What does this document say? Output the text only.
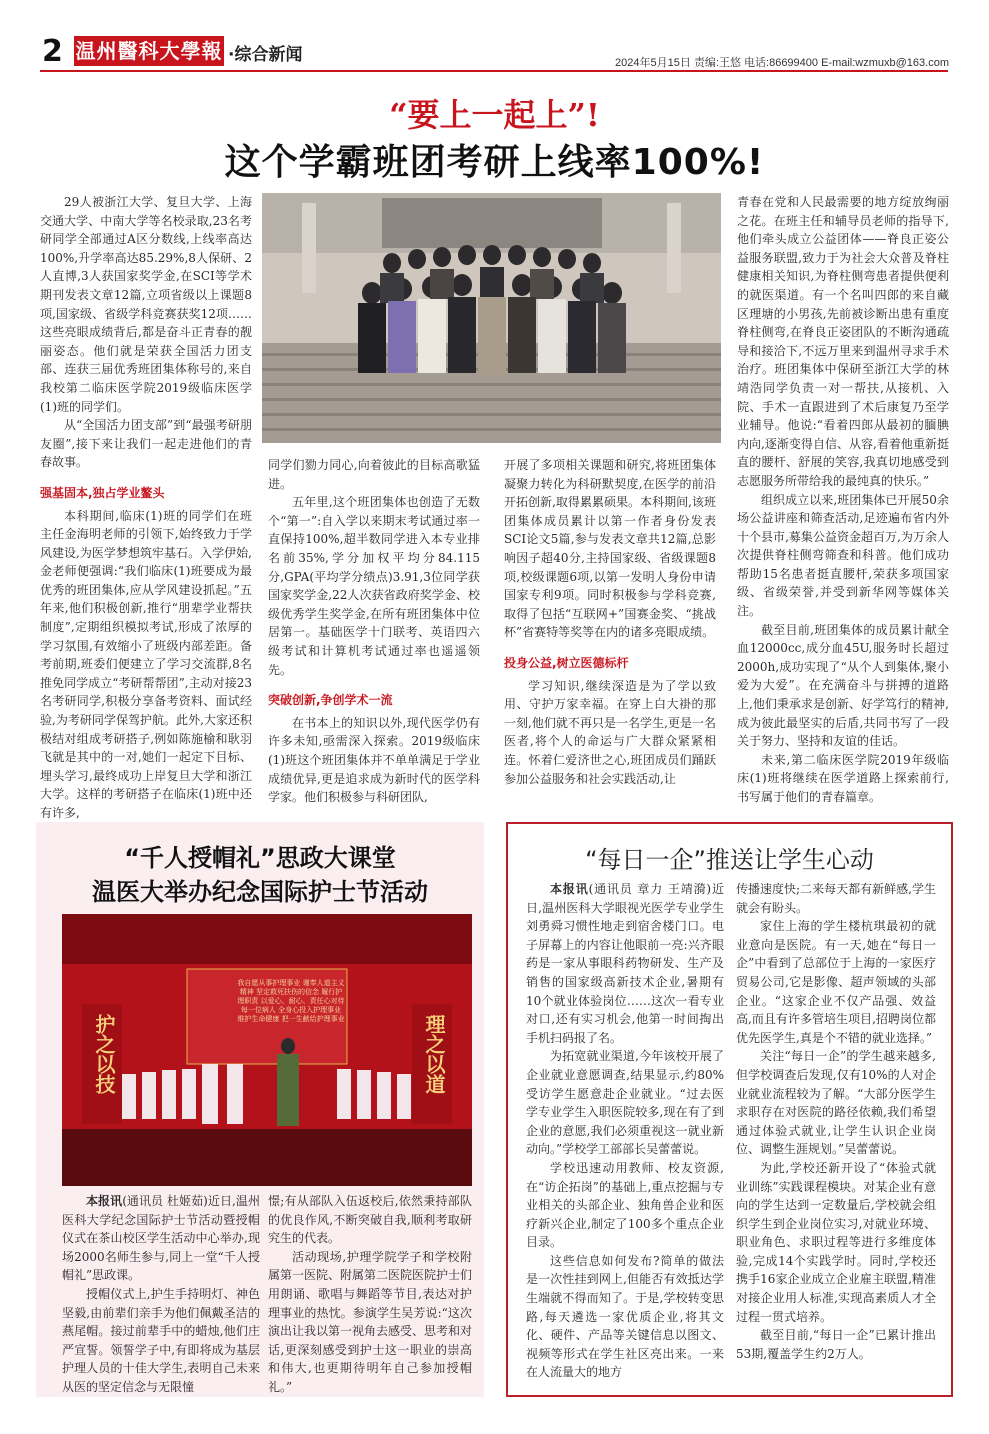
2 温州醫科大學報 ·综合新闻	2024年5月15日 责编:王悠 电话:86699400 E-mail:wzmuxb@163.com
“要上一起上”!
这个学霸班团考研上线率100%!

29人被浙江大学、复旦大学、上海交通大学、中南大学等名校录取,23名考研同学全部通过A区分数线,上线率高达100%,升学率高达85.29%,8人保研、2人直博,3人获国家奖学金,在SCI等学术期刊发表文章12篇,立项省级以上课题8项,国家级、省级学科竞赛获奖12项……这些亮眼成绩背后,都是奋斗正青春的靓丽姿态。他们就是荣获全国活力团支部、连获三届优秀班团集体称号的,来自我校第二临床医学院2019级临床医学(1)班的同学们。

从“全国活力团支部”到“最强考研朋友圈”,接下来让我们一起走进他们的青春故事。

强基固本,独占学业鳌头

本科期间,临床(1)班的同学们在班主任金海明老师的引领下,始终致力于学风建设,为医学梦想筑牢基石。入学伊始,金老师便强调:“我们临床(1)班要成为最优秀的班团集体,应从学风建设抓起。”五年来,他们积极创新,推行“朋辈学业帮扶制度”,定期组织模拟考试,形成了浓厚的学习氛围,有效缩小了班级内部差距。备考前期,班委们便建立了学习交流群,8名推免同学成立“考研帮帮团”,主动对接23名考研同学,积极分享备考资料、面试经验,为考研同学保驾护航。此外,大家还积极结对组成考研搭子,例如陈施榆和耿羽飞就是其中的一对,她们一起定下目标、埋头学习,最终成功上岸复旦大学和浙江大学。这样的考研搭子在临床(1)班中还有许多,

同学们勠力同心,向着彼此的目标高歌猛进。

五年里,这个班团集体也创造了无数个“第一”:自入学以来期末考试通过率一直保持100%,超半数同学进入本专业排名前35%,学分加权平均分84.115分,GPA(平均学分绩点)3.91,3位同学获国家奖学金,22人次获省政府奖学金、校级优秀学生奖学金,在所有班团集体中位居第一。基础医学十门联考、英语四六级考试和计算机考试通过率也遥遥领先。

突破创新,争创学术一流

在书本上的知识以外,现代医学仍有许多未知,亟需深入探索。2019级临床(1)班这个班团集体并不单单满足于学业成绩优异,更是追求成为新时代的医学科学家。他们积极参与科研团队,

开展了多项相关课题和研究,将班团集体凝聚力转化为科研默契度,在医学的前沿开拓创新,取得累累硕果。本科期间,该班团集体成员累计以第一作者身份发表SCI论文5篇,参与发表文章共12篇,总影响因子超40分,主持国家级、省级课题8项,校级课题6项,以第一发明人身份申请国家专利9项。同时积极参与学科竞赛,取得了包括“互联网+”国赛金奖、“挑战杯”省赛特等奖等在内的诸多亮眼成绩。

投身公益,树立医德标杆

学习知识,继续深造是为了学以致用、守护万家幸福。在穿上白大褂的那一刻,他们就不再只是一名学生,更是一名医者,将个人的命运与广大群众紧紧相连。怀着仁爱济世之心,班团成员们踊跃参加公益服务和社会实践活动,让

青春在党和人民最需要的地方绽放绚丽之花。在班主任和辅导员老师的指导下,他们牵头成立公益团体——脊良正姿公益服务联盟,致力于为社会大众普及脊柱健康相关知识,为脊柱侧弯患者提供便利的就医渠道。有一个名叫四郎的来自藏区理塘的小男孩,先前被诊断出患有重度脊柱侧弯,在脊良正姿团队的不断沟通疏导和接洽下,不远万里来到温州寻求手术治疗。班团集体中保研至浙江大学的林靖浩同学负责一对一帮扶,从接机、入院、手术一直跟进到了术后康复乃至学业辅导。他说:“看着四郎从最初的腼腆内向,逐渐变得自信、从容,看着他重新挺直的腰杆、舒展的笑容,我真切地感受到志愿服务所带给我的最纯真的快乐。”

组织成立以来,班团集体已开展50余场公益讲座和筛查活动,足迹遍布省内外十个县市,募集公益资金超百万,为万余人次提供脊柱侧弯筛查和科普。他们成功帮助15名患者挺直腰杆,荣获多项国家级、省级荣誉,并受到新华网等媒体关注。

截至目前,班团集体的成员累计献全血12000cc,成分血45U,服务时长超过2000h,成功实现了“从个人到集体,聚小爱为大爱”。在充满奋斗与拼搏的道路上,他们秉承求是创新、好学笃行的精神,成为彼此最坚实的后盾,共同书写了一段关于努力、坚持和友谊的佳话。

未来,第二临床医学院2019年级临床(1)班将继续在医学道路上探索前行,书写属于他们的青春篇章。

“千人授帽礼”思政大课堂
温医大举办纪念国际护士节活动
我自愿从事护理事业 谨奉人道主义精神 坚定救死扶伤的信念 履行护理职责 以爱心、耐心、责任心对待每一位病人 全身心投入护理事业 维护生命健康 把一生献给护理事业
护之以技	理之以道

本报讯(通讯员 杜姬茹)近日,温州医科大学纪念国际护士节活动暨授帽仪式在茶山校区学生活动中心举办,现场2000名师生参与,同上一堂“千人授帽礼”思政课。

授帽仪式上,护生手持明灯、神色坚毅,由前辈们亲手为他们佩戴圣洁的燕尾帽。接过前辈手中的蜡烛,他们庄严宣誓。领誓学子中,有即将成为基层护理人员的十佳大学生,表明自己未来从医的坚定信念与无限憧

憬;有从部队入伍返校后,依然秉持部队的优良作风,不断突破自我,顺利考取研究生的代表。

活动现场,护理学院学子和学校附属第一医院、附属第二医院医院护士们用朗诵、歌唱与舞蹈等节目,表达对护理事业的热忱。参演学生吴芳说:“这次演出让我以第一视角去感受、思考和对话,更深刻感受到护士这一职业的崇高和伟大,也更期待明年自己参加授帽礼。”

“每日一企”推送让学生心动

本报讯(通讯员 章力 王靖漪)近日,温州医科大学眼视光医学专业学生刘勇舜习惯性地走到宿舍楼门口。电子屏幕上的内容让他眼前一亮:兴齐眼药是一家从事眼科药物研发、生产及销售的国家级高新技术企业,暑期有10个就业体验岗位……这次一看专业对口,还有实习机会,他第一时间掏出手机扫码报了名。

为拓宽就业渠道,今年该校开展了企业就业意愿调查,结果显示,约80%受访学生愿意赴企业就业。“过去医学专业学生入职医院较多,现在有了到企业的意愿,我们必须重视这一就业新动向。”学校学工部部长吴蕾蕾说。

学校迅速动用教师、校友资源,在“访企拓岗”的基础上,重点挖掘与专业相关的头部企业、独角兽企业和医疗新兴企业,制定了100多个重点企业目录。

这些信息如何发布?简单的做法是一次性挂到网上,但能否有效抵达学生端就不得而知了。于是,学校转变思路,每天遴选一家优质企业,将其文化、硬件、产品等关键信息以图文、视频等形式在学生社区亮出来。一来在人流量大的地方

传播速度快;二来每天都有新鲜感,学生就会有盼头。

家住上海的学生楼杭琪最初的就业意向是医院。有一天,她在“每日一企”中看到了总部位于上海的一家医疗贸易公司,它是影像、超声领域的头部企业。“这家企业不仅产品强、效益高,而且有许多管培生项目,招聘岗位都优先医学生,真是个不错的就业选择。”

关注“每日一企”的学生越来越多,但学校调查后发现,仅有10%的人对企业就业流程较为了解。“大部分医学生求职存在对医院的路径依赖,我们希望通过体验式就业,让学生认识企业岗位、调整生涯规划。”吴蕾蕾说。

为此,学校还新开设了“体验式就业训练”实践课程模块。对某企业有意向的学生达到一定数量后,学校就会组织学生到企业岗位实习,对就业环境、职业角色、求职过程等进行多维度体验,完成14个实践学时。同时,学校还携手16家企业成立企业雇主联盟,精准对接企业用人标准,实现高素质人才全过程一贯式培养。

截至目前,“每日一企”已累计推出53期,覆盖学生约2万人。
